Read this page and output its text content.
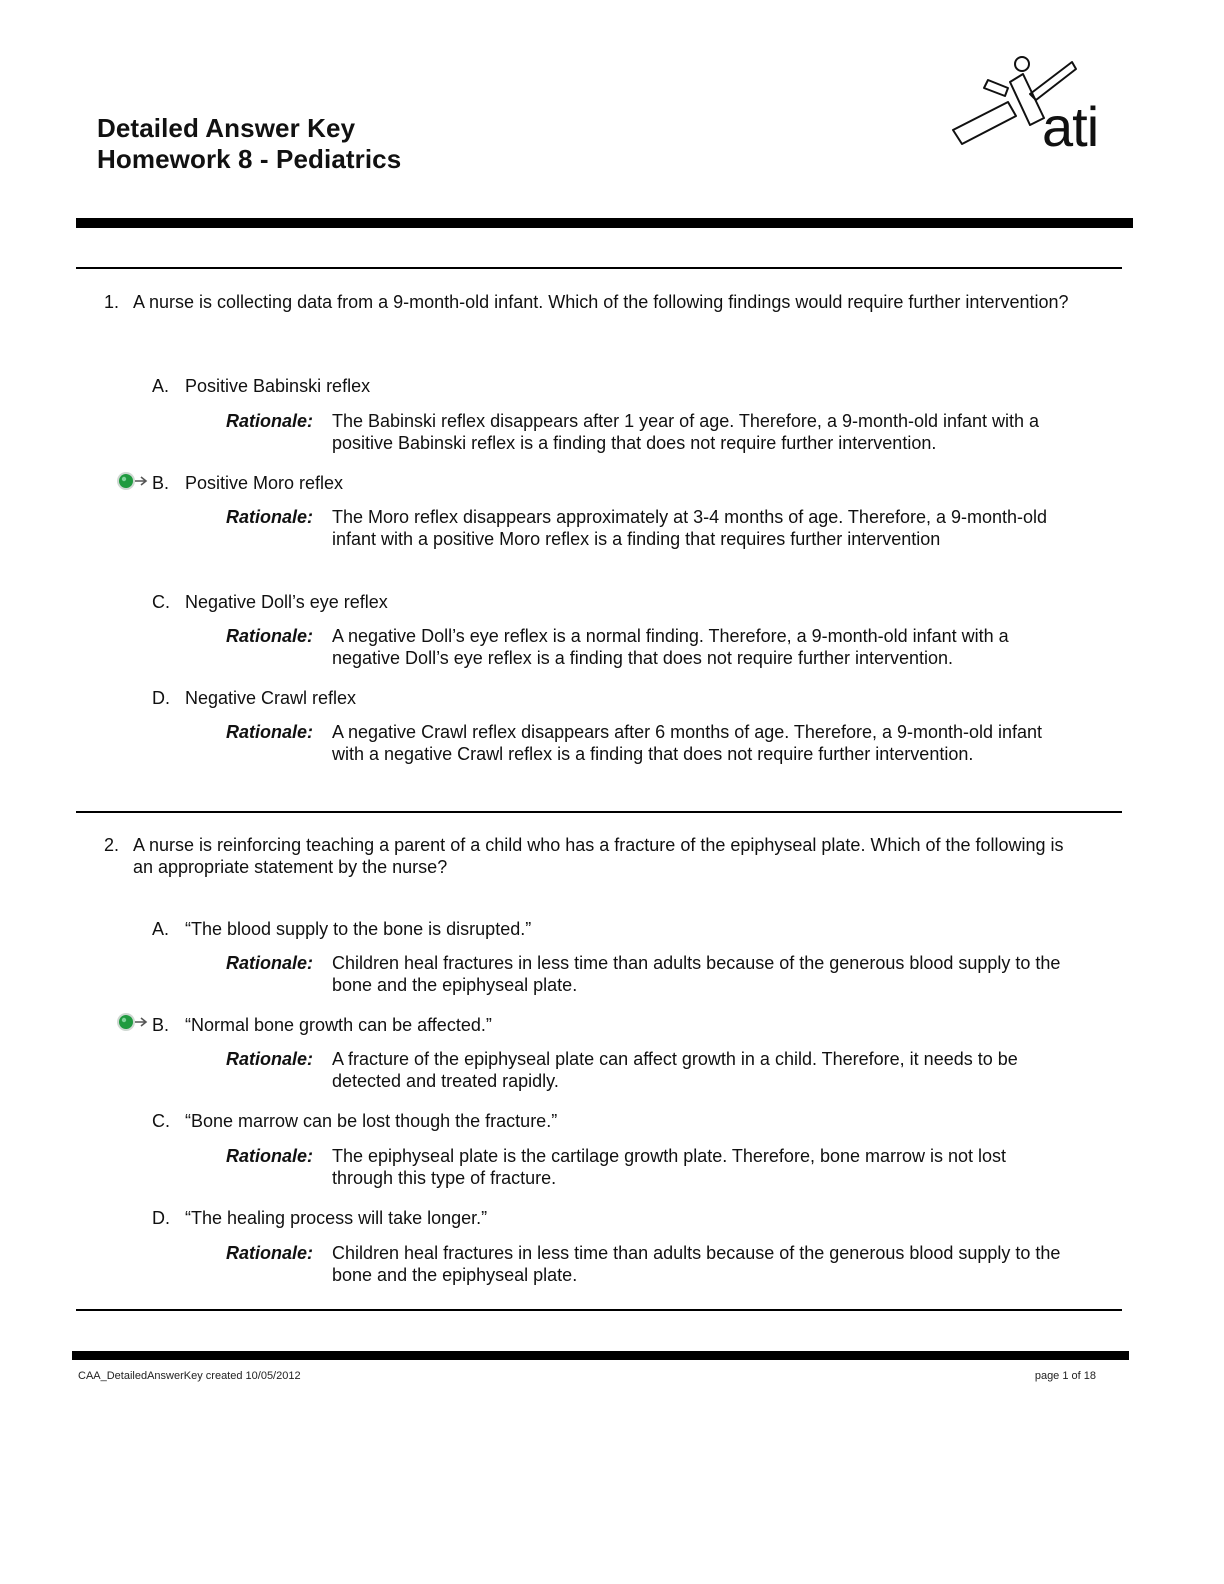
Detailed Answer Key
Homework 8 - Pediatrics
ati
1. A nurse is collecting data from a 9-month-old infant. Which of the following findings would require further intervention?
A. Positive Babinski reflex
Rationale: The Babinski reflex disappears after 1 year of age. Therefore, a 9-month-old infant with a positive Babinski reflex is a finding that does not require further intervention.
B. Positive Moro reflex
Rationale: The Moro reflex disappears approximately at 3-4 months of age. Therefore, a 9-month-old infant with a positive Moro reflex is a finding that requires further intervention
C. Negative Doll’s eye reflex
Rationale: A negative Doll’s eye reflex is a normal finding. Therefore, a 9-month-old infant with a negative Doll’s eye reflex is a finding that does not require further intervention.
D. Negative Crawl reflex
Rationale: A negative Crawl reflex disappears after 6 months of age. Therefore, a 9-month-old infant with a negative Crawl reflex is a finding that does not require further intervention.
2. A nurse is reinforcing teaching a parent of a child who has a fracture of the epiphyseal plate. Which of the following is an appropriate statement by the nurse?
A. “The blood supply to the bone is disrupted.”
Rationale: Children heal fractures in less time than adults because of the generous blood supply to the bone and the epiphyseal plate.
B. “Normal bone growth can be affected.”
Rationale: A fracture of the epiphyseal plate can affect growth in a child. Therefore, it needs to be detected and treated rapidly.
C. “Bone marrow can be lost though the fracture.”
Rationale: The epiphyseal plate is the cartilage growth plate. Therefore, bone marrow is not lost through this type of fracture.
D. “The healing process will take longer.”
Rationale: Children heal fractures in less time than adults because of the generous blood supply to the bone and the epiphyseal plate.
CAA_DetailedAnswerKey created 10/05/2012	page 1 of 18
